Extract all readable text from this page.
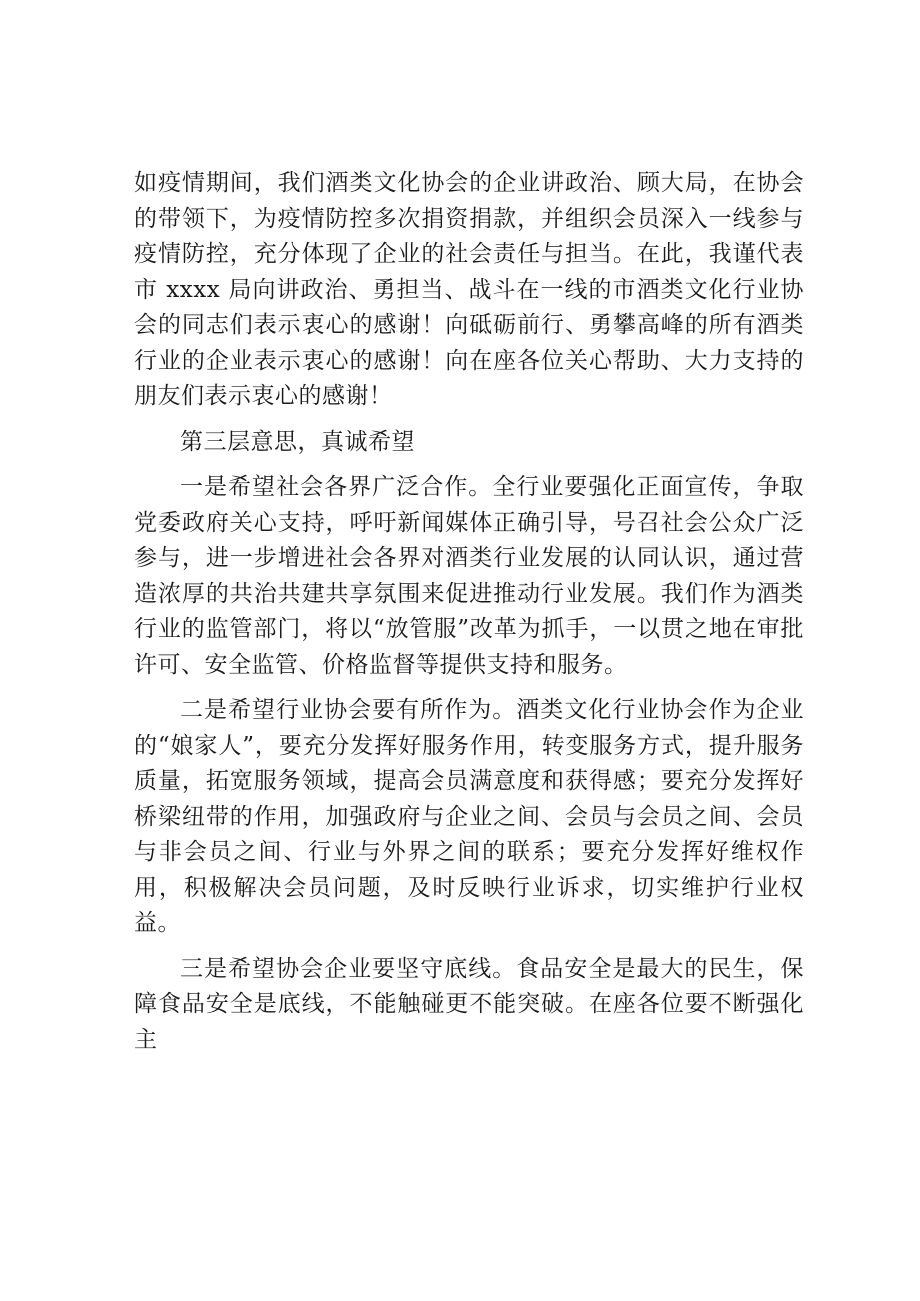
如疫情期间，我们酒类文化协会的企业讲政治、顾大局，在协会的带领下，为疫情防控多次捐资捐款，并组织会员深入一线参与疫情防控，充分体现了企业的社会责任与担当。在此，我谨代表市 xxxx 局向讲政治、勇担当、战斗在一线的市酒类文化行业协会的同志们表示衷心的感谢！向砥砺前行、勇攀高峰的所有酒类行业的企业表示衷心的感谢！向在座各位关心帮助、大力支持的朋友们表示衷心的感谢！

第三层意思，真诚希望

一是希望社会各界广泛合作。全行业要强化正面宣传，争取党委政府关心支持，呼吁新闻媒体正确引导，号召社会公众广泛参与，进一步增进社会各界对酒类行业发展的认同认识，通过营造浓厚的共治共建共享氛围来促进推动行业发展。我们作为酒类行业的监管部门，将以“放管服”改革为抓手，一以贯之地在审批许可、安全监管、价格监督等提供支持和服务。

二是希望行业协会要有所作为。酒类文化行业协会作为企业的“娘家人”，要充分发挥好服务作用，转变服务方式，提升服务质量，拓宽服务领域，提高会员满意度和获得感；要充分发挥好桥梁纽带的作用，加强政府与企业之间、会员与会员之间、会员与非会员之间、行业与外界之间的联系；要充分发挥好维权作用，积极解决会员问题，及时反映行业诉求，切实维护行业权益。

三是希望协会企业要坚守底线。食品安全是最大的民生，保障食品安全是底线，不能触碰更不能突破。在座各位要不断强化主
